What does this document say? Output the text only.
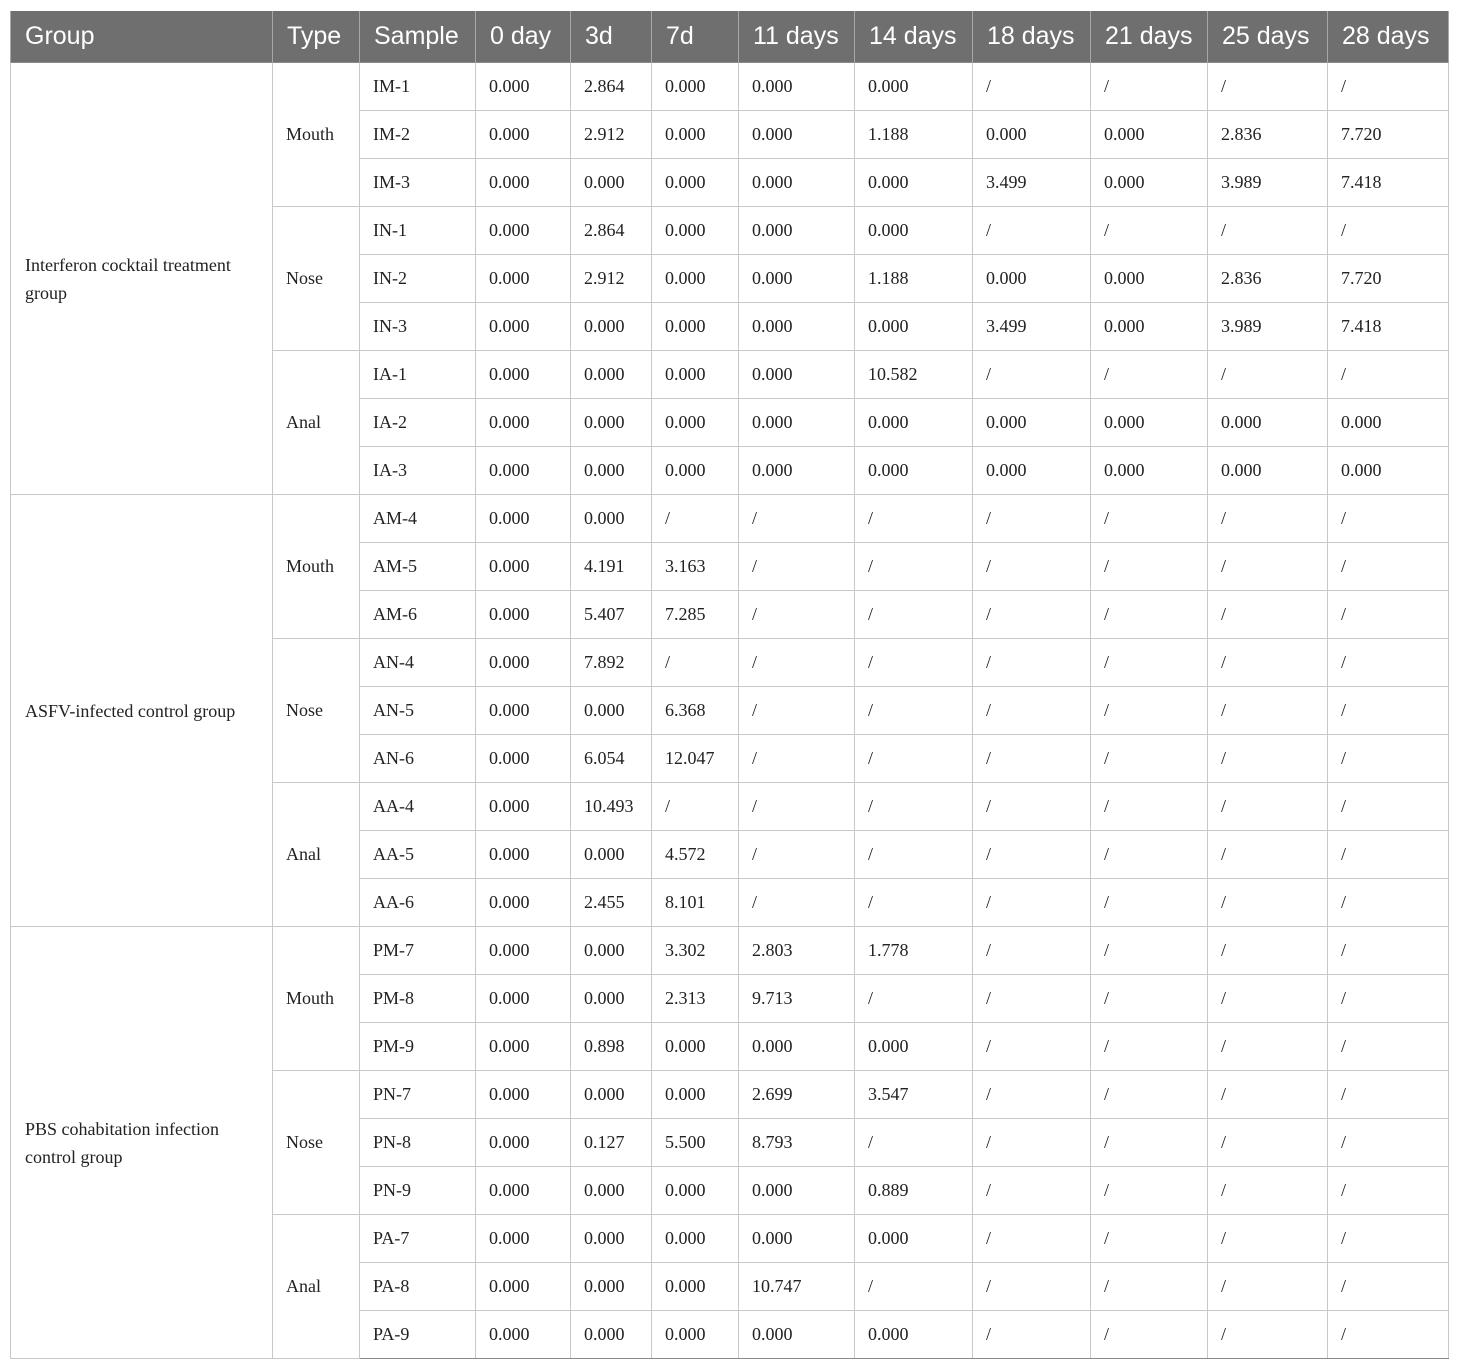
Group	Type	Sample	0 day	3d	7d	11 days	14 days	18 days	21 days	25 days	28 days
Interferon cocktail treatment group	Mouth	IM-1	0.000	2.864	0.000	0.000	0.000	/	/	/	/
		IM-2	0.000	2.912	0.000	0.000	1.188	0.000	0.000	2.836	7.720
		IM-3	0.000	0.000	0.000	0.000	0.000	3.499	0.000	3.989	7.418
	Nose	IN-1	0.000	2.864	0.000	0.000	0.000	/	/	/	/
		IN-2	0.000	2.912	0.000	0.000	1.188	0.000	0.000	2.836	7.720
		IN-3	0.000	0.000	0.000	0.000	0.000	3.499	0.000	3.989	7.418
	Anal	IA-1	0.000	0.000	0.000	0.000	10.582	/	/	/	/
		IA-2	0.000	0.000	0.000	0.000	0.000	0.000	0.000	0.000	0.000
		IA-3	0.000	0.000	0.000	0.000	0.000	0.000	0.000	0.000	0.000
ASFV-infected control group	Mouth	AM-4	0.000	0.000	/	/	/	/	/	/	/
		AM-5	0.000	4.191	3.163	/	/	/	/	/	/
		AM-6	0.000	5.407	7.285	/	/	/	/	/	/
	Nose	AN-4	0.000	7.892	/	/	/	/	/	/	/
		AN-5	0.000	0.000	6.368	/	/	/	/	/	/
		AN-6	0.000	6.054	12.047	/	/	/	/	/	/
	Anal	AA-4	0.000	10.493	/	/	/	/	/	/	/
		AA-5	0.000	0.000	4.572	/	/	/	/	/	/
		AA-6	0.000	2.455	8.101	/	/	/	/	/	/
PBS cohabitation infection control group	Mouth	PM-7	0.000	0.000	3.302	2.803	1.778	/	/	/	/
		PM-8	0.000	0.000	2.313	9.713	/	/	/	/	/
		PM-9	0.000	0.898	0.000	0.000	0.000	/	/	/	/
	Nose	PN-7	0.000	0.000	0.000	2.699	3.547	/	/	/	/
		PN-8	0.000	0.127	5.500	8.793	/	/	/	/	/
		PN-9	0.000	0.000	0.000	0.000	0.889	/	/	/	/
	Anal	PA-7	0.000	0.000	0.000	0.000	0.000	/	/	/	/
		PA-8	0.000	0.000	0.000	10.747	/	/	/	/	/
		PA-9	0.000	0.000	0.000	0.000	0.000	/	/	/	/
